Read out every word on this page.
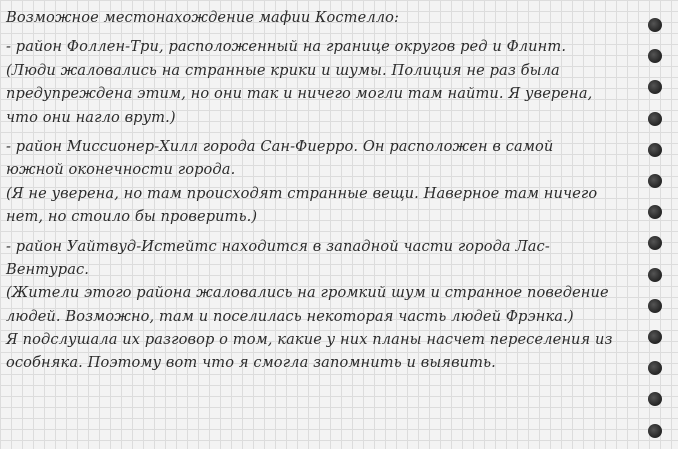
Возможное местонахождение мафии Костелло:
- район Фоллен-Три, расположенный на границе округов ред и Флинт.
(Люди жаловались на странные крики и шумы. Полиция не раз была
предупреждена этим, но они так и ничего могли там найти. Я уверена,
что они нагло врут.)
- район Миссионер-Хилл города Сан-Фиерро. Он расположен в самой
южной оконечности города.
(Я не уверена, но там происходят странные вещи. Наверное там ничего
нет, но стоило бы проверить.)
- район Уайтвуд-Истейтс находится в западной части города Лас-
Вентурас.
(Жители этого района жаловались на громкий шум и странное поведение
людей. Возможно, там и поселилась некоторая часть людей Фрэнка.)
Я подслушала их разговор о том, какие у них планы насчет переселения из
особняка. Поэтому вот что я смогла запомнить и выявить.
